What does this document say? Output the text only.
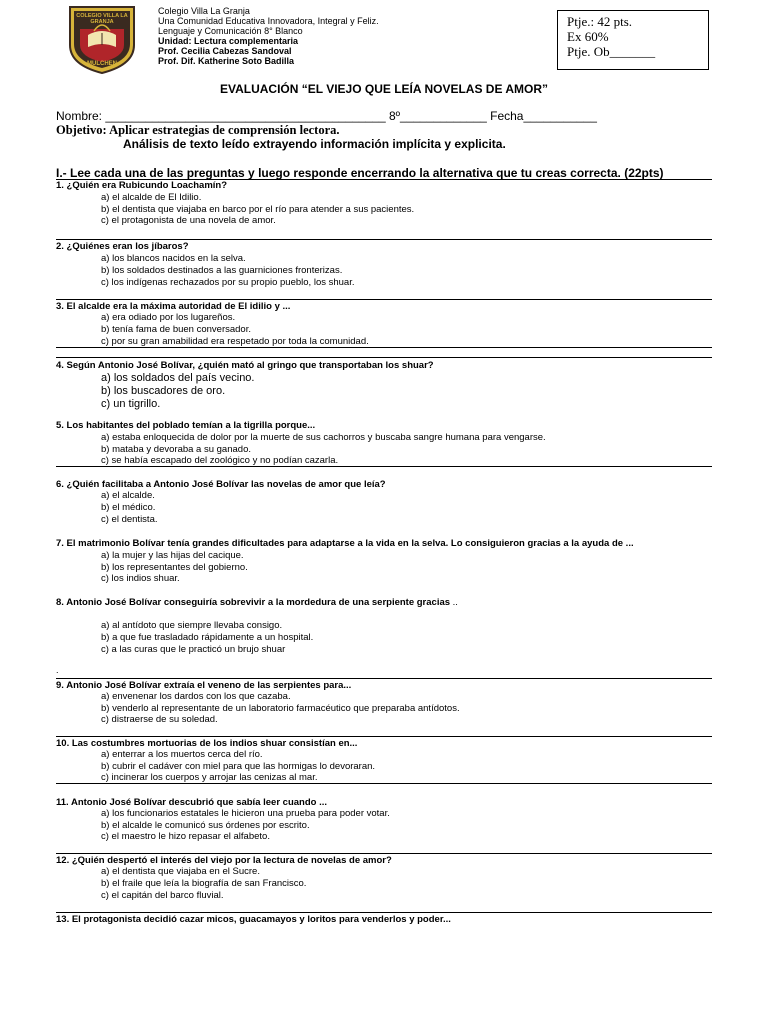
COLEGIO VILLA LA GRANJA
MULCHEN
Colegio Villa La Granja
Una Comunidad Educativa Innovadora, Integral y Feliz.
Lenguaje y Comunicación 8° Blanco
Unidad: Lectura complementaria
Prof. Cecilia Cabezas Sandoval
Prof. Dif. Katherine Soto Badilla
Ptje.: 42 pts.
Ex 60%
Ptje. Ob_______
EVALUACIÓN “EL VIEJO QUE LEÍA NOVELAS DE AMOR”
Nombre: __________________________________________ 8º_____________ Fecha___________
Objetivo: Aplicar estrategias de comprensión lectora.
Análisis de texto leído extrayendo información implícita y explicita.
I.- Lee cada una de las preguntas y luego responde encerrando la alternativa que tu creas correcta. (22pts)
1. ¿Quién era Rubicundo Loachamín?
a) el alcalde de El Idilio.
b) el dentista que viajaba en barco por el río para atender a sus pacientes.
c) el protagonista de una novela de amor.
2. ¿Quiénes eran los jíbaros?
a) los blancos nacidos en la selva.
b) los soldados destinados a las guarniciones fronterizas.
c) los indígenas rechazados por su propio pueblo, los shuar.
3. El alcalde era la máxima autoridad de El idilio y ...
a) era odiado por los lugareños.
b) tenía fama de buen conversador.
c) por su gran amabilidad era respetado por toda la comunidad.
4. Según Antonio José Bolívar, ¿quién mató al gringo que transportaban los shuar?
a) los soldados del país vecino.
b) los buscadores de oro.
c) un tigrillo.
5. Los habitantes del poblado temían a la tigrilla porque...
a) estaba enloquecida de dolor por la muerte de sus cachorros y buscaba sangre humana para vengarse.
b) mataba y devoraba a su ganado.
c) se había escapado del zoológico y no podían cazarla.
6. ¿Quién facilitaba a Antonio José Bolívar las novelas de amor que leía?
a) el alcalde.
b) el médico.
c) el dentista.
7. El matrimonio Bolívar tenía grandes dificultades para adaptarse a la vida en la selva. Lo consiguieron gracias a la ayuda de ...
a) la mujer y las hijas del cacique.
b) los representantes del gobierno.
c) los indios shuar.
8. Antonio José Bolívar conseguiría sobrevivir a la mordedura de una serpiente gracias ..
a) al antídoto que siempre llevaba consigo.
b) a que fue trasladado rápidamente a un hospital.
c) a las curas que le practicó un brujo shuar
.
9. Antonio José Bolívar extraía el veneno de las serpientes para...
a) envenenar los dardos con los que cazaba.
b) venderlo al representante de un laboratorio farmacéutico que preparaba antídotos.
c) distraerse de su soledad.
10. Las costumbres mortuorias de los indios shuar consistían en...
a) enterrar a los muertos cerca del río.
b) cubrir el cadáver con miel para que las hormigas lo devoraran.
c) incinerar los cuerpos y arrojar las cenizas al mar.
11. Antonio José Bolívar descubrió que sabía leer cuando ...
a) los funcionarios estatales le hicieron una prueba para poder votar.
b) el alcalde le comunicó sus órdenes por escrito.
c) el maestro le hizo repasar el alfabeto.
12. ¿Quién despertó el interés del viejo por la lectura de novelas de amor?
a) el dentista que viajaba en el Sucre.
b) el fraile que leía la biografía de san Francisco.
c) el capitán del barco fluvial.
13. El protagonista decidió cazar micos, guacamayos y loritos para venderlos y poder...
